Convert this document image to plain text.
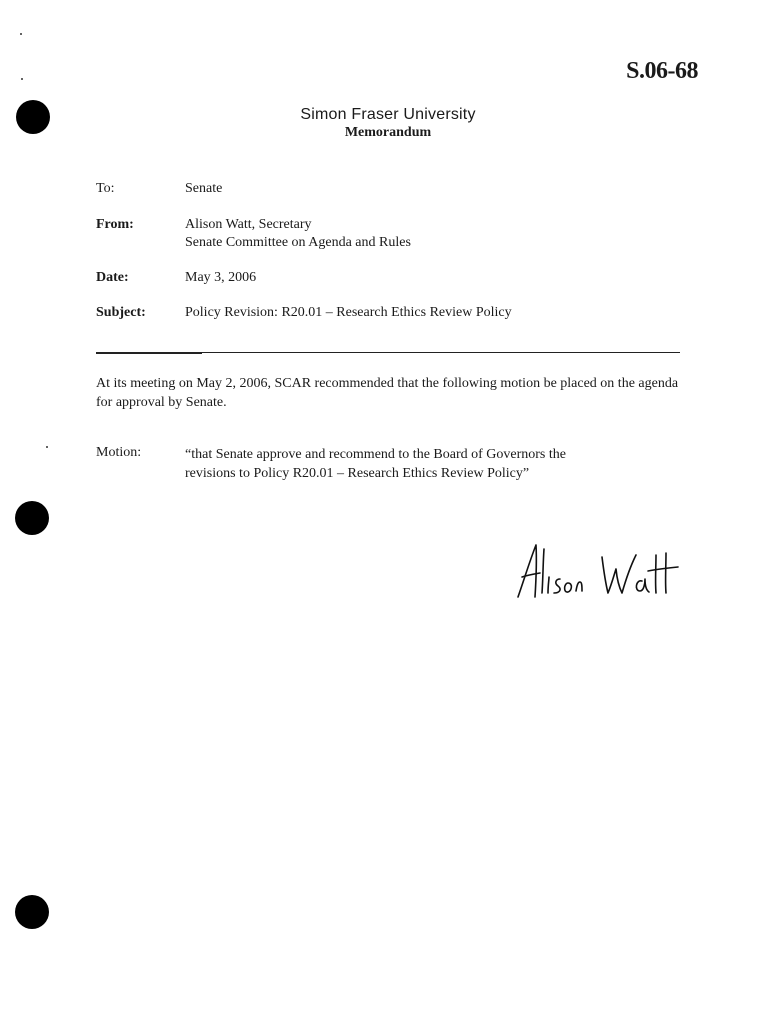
S.06-68
Simon Fraser University
Memorandum
To:	Senate
From:	Alison Watt, Secretary
Senate Committee on Agenda and Rules
Date:	May 3, 2006
Subject:	Policy Revision: R20.01 – Research Ethics Review Policy
At its meeting on May 2, 2006, SCAR recommended that the following motion be placed on the agenda for approval by Senate.
Motion:	“that Senate approve and recommend to the Board of Governors the
revisions to Policy R20.01 – Research Ethics Review Policy”
